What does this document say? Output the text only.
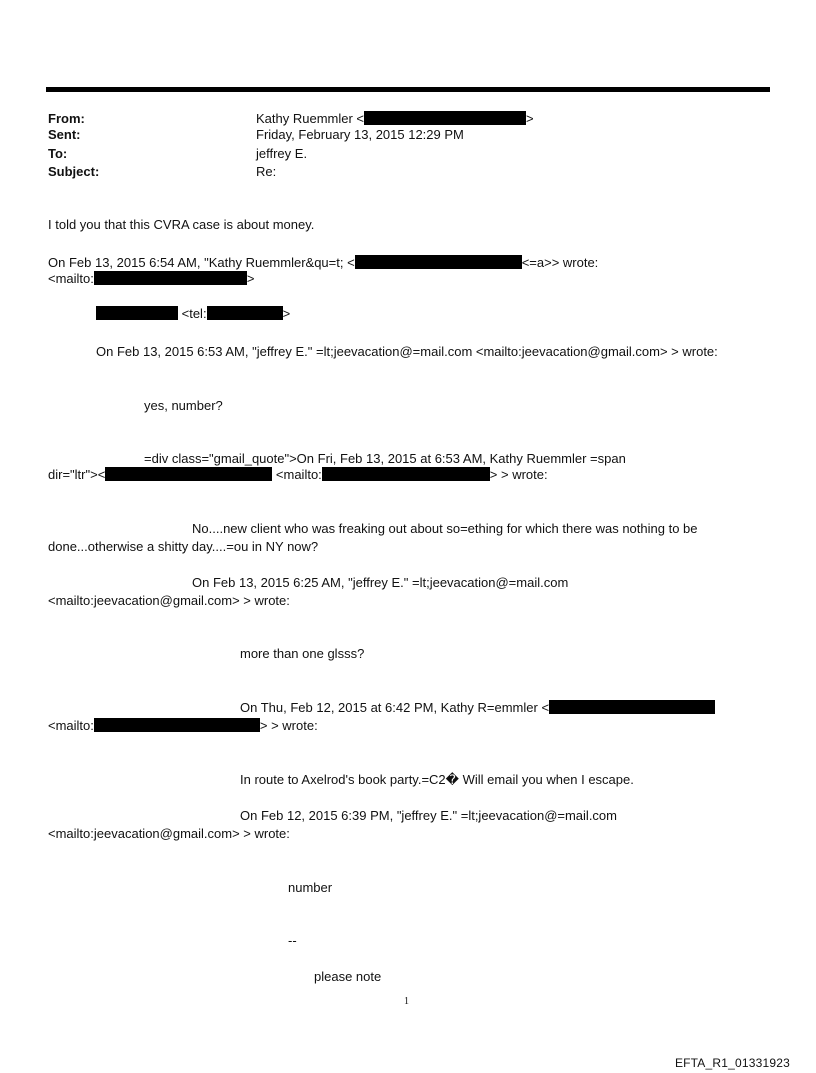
From:	Kathy Ruemmler <	>
Sent:	Friday, February 13, 2015 12:29 PM
To:	jeffrey E.
Subject:	Re:
I told you that this CVRA case is about money.
On Feb 13, 2015 6:54 AM, "Kathy Ruemmler&qu=t; <	<=a>> wrote:
<mailto:	>
<tel:	>
On Feb 13, 2015 6:53 AM, "jeffrey E." =lt;jeevacation@=mail.com <mailto:jeevacation@gmail.com> > wrote:
yes, number?
=div class="gmail_quote">On Fri, Feb 13, 2015 at 6:53 AM, Kathy Ruemmler =span
dir="ltr"><	<mailto:	> > wrote:
No....new client who was freaking out about so=ething for which there was nothing to be
done...otherwise a shitty day....=ou in NY now?
On Feb 13, 2015 6:25 AM, "jeffrey E." =lt;jeevacation@=mail.com
<mailto:jeevacation@gmail.com> > wrote:
more than one glsss?
On Thu, Feb 12, 2015 at 6:42 PM, Kathy R=emmler <
<mailto:	> > wrote:
In route to Axelrod's book party.=C2� Will email you when I escape.
On Feb 12, 2015 6:39 PM, "jeffrey E." =lt;jeevacation@=mail.com
<mailto:jeevacation@gmail.com> > wrote:
number
--
please note
1
EFTA_R1_01331923
